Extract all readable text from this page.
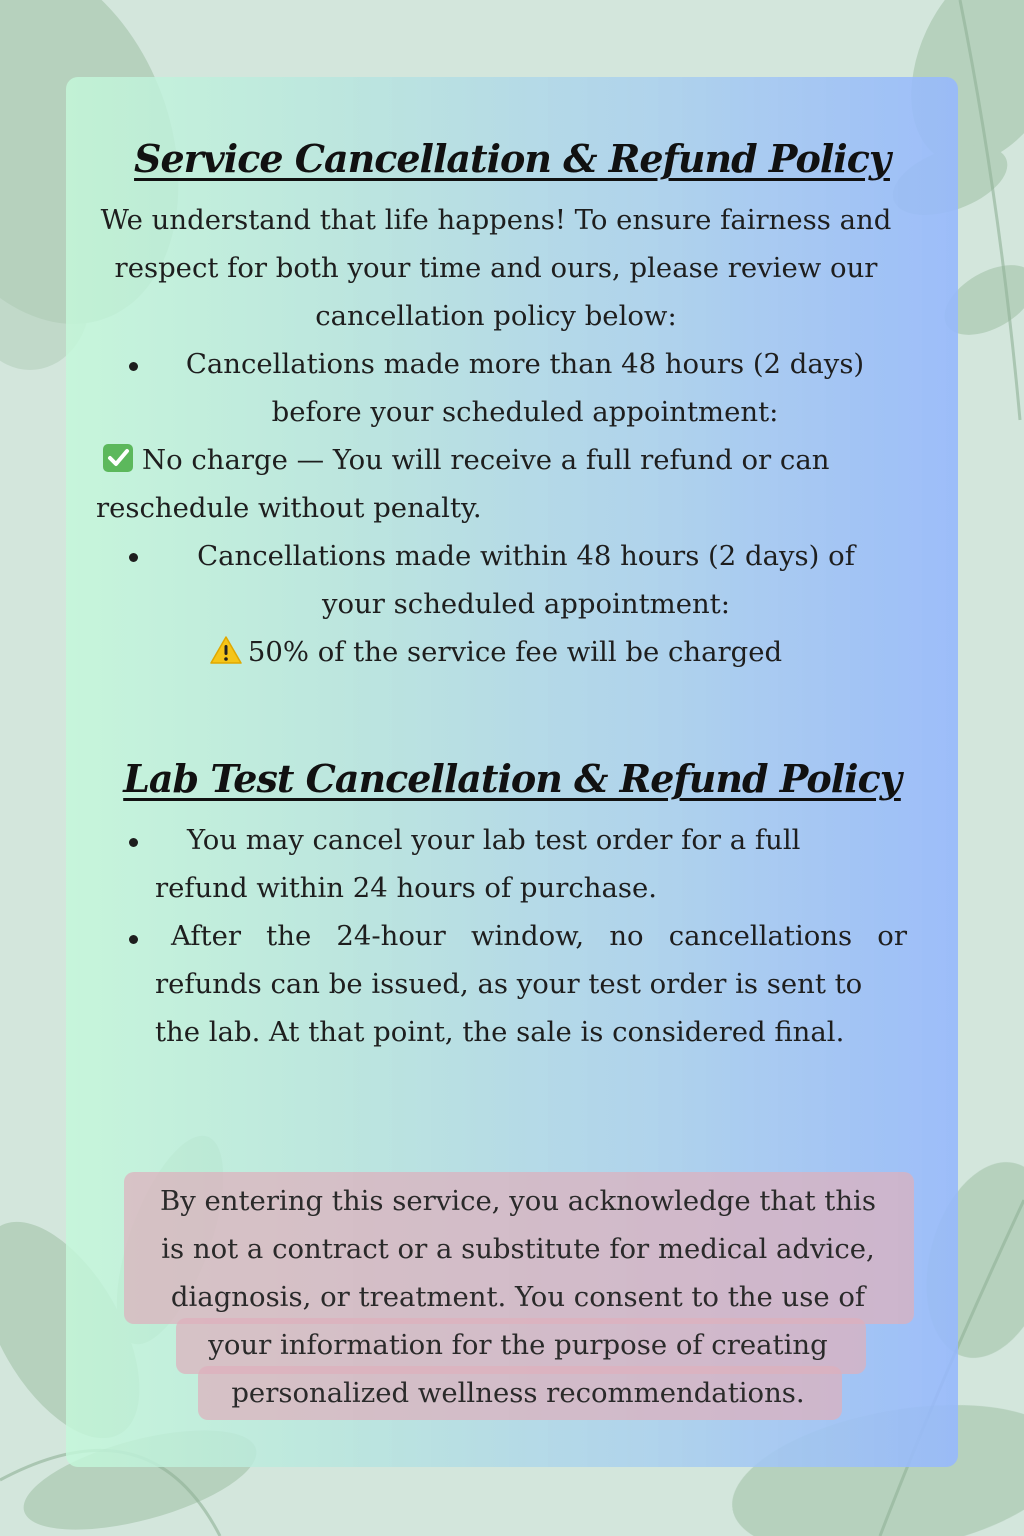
Service Cancellation & Refund Policy
We understand that life happens! To ensure fairness and respect for both your time and ours, please review our cancellation policy below:
Cancellations made more than 48 hours (2 days)
before your scheduled appointment:
No charge — You will receive a full refund or can
reschedule without penalty.
Cancellations made within 48 hours (2 days) of
your scheduled appointment:
50% of the service fee will be charged
Lab Test Cancellation & Refund Policy
You may cancel your lab test order for a full
refund within 24 hours of purchase.
After the 24-hour window, no cancellations or
refunds can be issued, as your test order is sent to
the lab. At that point, the sale is considered final.
By entering this service, you acknowledge that this
is not a contract or a substitute for medical advice,
diagnosis, or treatment. You consent to the use of
your information for the purpose of creating
personalized wellness recommendations.
